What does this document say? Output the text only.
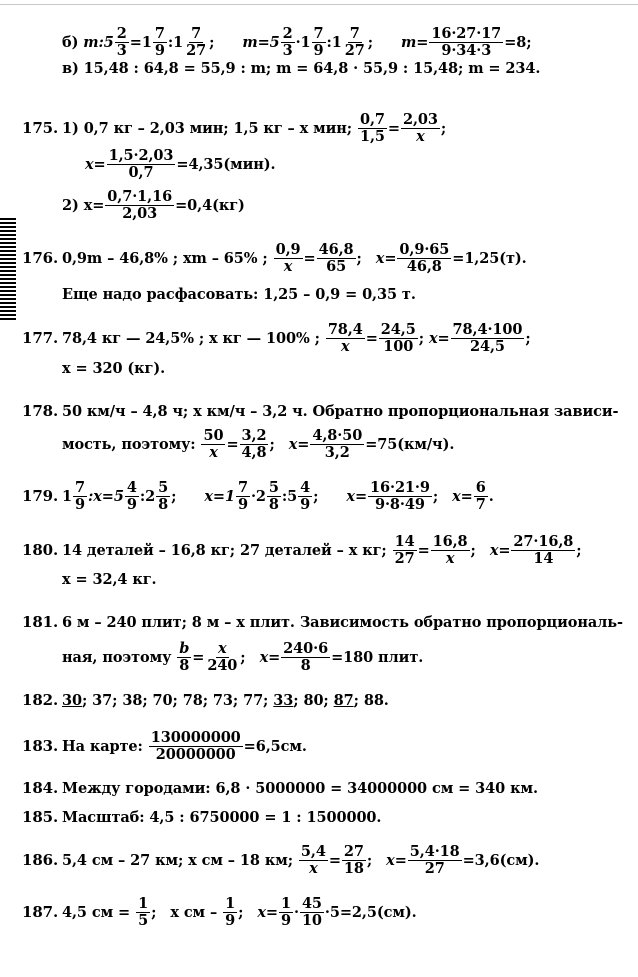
б)
m:5 $\frac{2}{3} =1 \frac{7}{9}$ :1 $\frac{7}{27}$ ; $m=5 \frac{2}{3} \cdot 1 \frac{7}{9}$ :1 $\frac{7}{27}$ ; $m= \frac{16\cdot 27\cdot 17}{9\cdot 34\cdot 3} =8$;
в) 15,48 : 64,8 = 55,9 : m; m = 64,8 · 55,9 : 15,48; m = 234.
175. 1) 0,7 кг – 2,03 мин; 1,5 кг – x мин;
$\frac{0,7}{1,5} = \frac{2,03}{x}$ ;
$x= \frac{1,5\cdot 2,03}{0,7} =4,35(мин)$.
2) $x= \frac{0,7\cdot 1,16}{2,03} =0,4(кг)$
176. 0,9m – 46,8% ; xm – 65% ;
$\frac{0,9}{x} = \frac{46,8}{65}$ ; $x= \frac{0,9\cdot 65}{46,8} =1,25(т)$.
Еще надо расфасовать: 1,25 – 0,9 = 0,35 т.
177. 78,4 кг — 24,5% ; x кг — 100% ;
$\frac{78,4}{x} = \frac{24,5}{100}$ ;
$x= \frac{78,4\cdot 100}{24,5}$ ;
x = 320 (кг).
178. 50 км/ч – 4,8 ч; x км/ч – 3,2 ч. Обратно пропорциональная зависи-
мость, поэтому:
$\frac{50}{x} = \frac{3,2}{4,8}$ ; $x= \frac{4,8\cdot 50}{3,2} =75(км/ч)$.
179. $1 \frac{7}{9}$ :x=5 $\frac{4}{9}$ :2 $\frac{5}{8}$ ; $x=1 \frac{7}{9} \cdot 2 \frac{5}{8}$ :5 $\frac{4}{9}$ ; $x= \frac{16\cdot 21\cdot 9}{9\cdot 8\cdot 49}$ ; $x= \frac{6}{7}$ .
180. 14 деталей – 16,8 кг; 27 деталей – x кг;
$\frac{14}{27} = \frac{16,8}{x}$ ; $x= \frac{27\cdot 16,8}{14}$ ;
x = 32,4 кг.
181. 6 м – 240 плит; 8 м – x плит. Зависимость обратно пропорциональ-
ная, поэтому
$\frac{b}{8} = \frac{x}{240}$ ; $x= \frac{240\cdot 6}{8} =180$ плит.
182. 30 ; 37; 38; 70; 78; 73; 77; 33 ; 80; 87 ; 88.
183. На карте:
$\frac{130000000}{20000000} =6,5см$.
184. Между городами: 6,8 · 5000000 = 34000000 см = 340 км.
185. Масштаб: 4,5 : 6750000 = 1 : 1500000.
186. 5,4 см – 27 км; x см – 18 км;
$\frac{5,4}{x} = \frac{27}{18}$ ; $x= \frac{5,4\cdot 18}{27} =3,6(см)$.
187. 4,5 см =
$\frac{1}{5}$ ; x см –
$\frac{1}{9}$ ; $x= \frac{1}{9} \cdot \frac{45}{10} \cdot 5=2,5(см)$.
